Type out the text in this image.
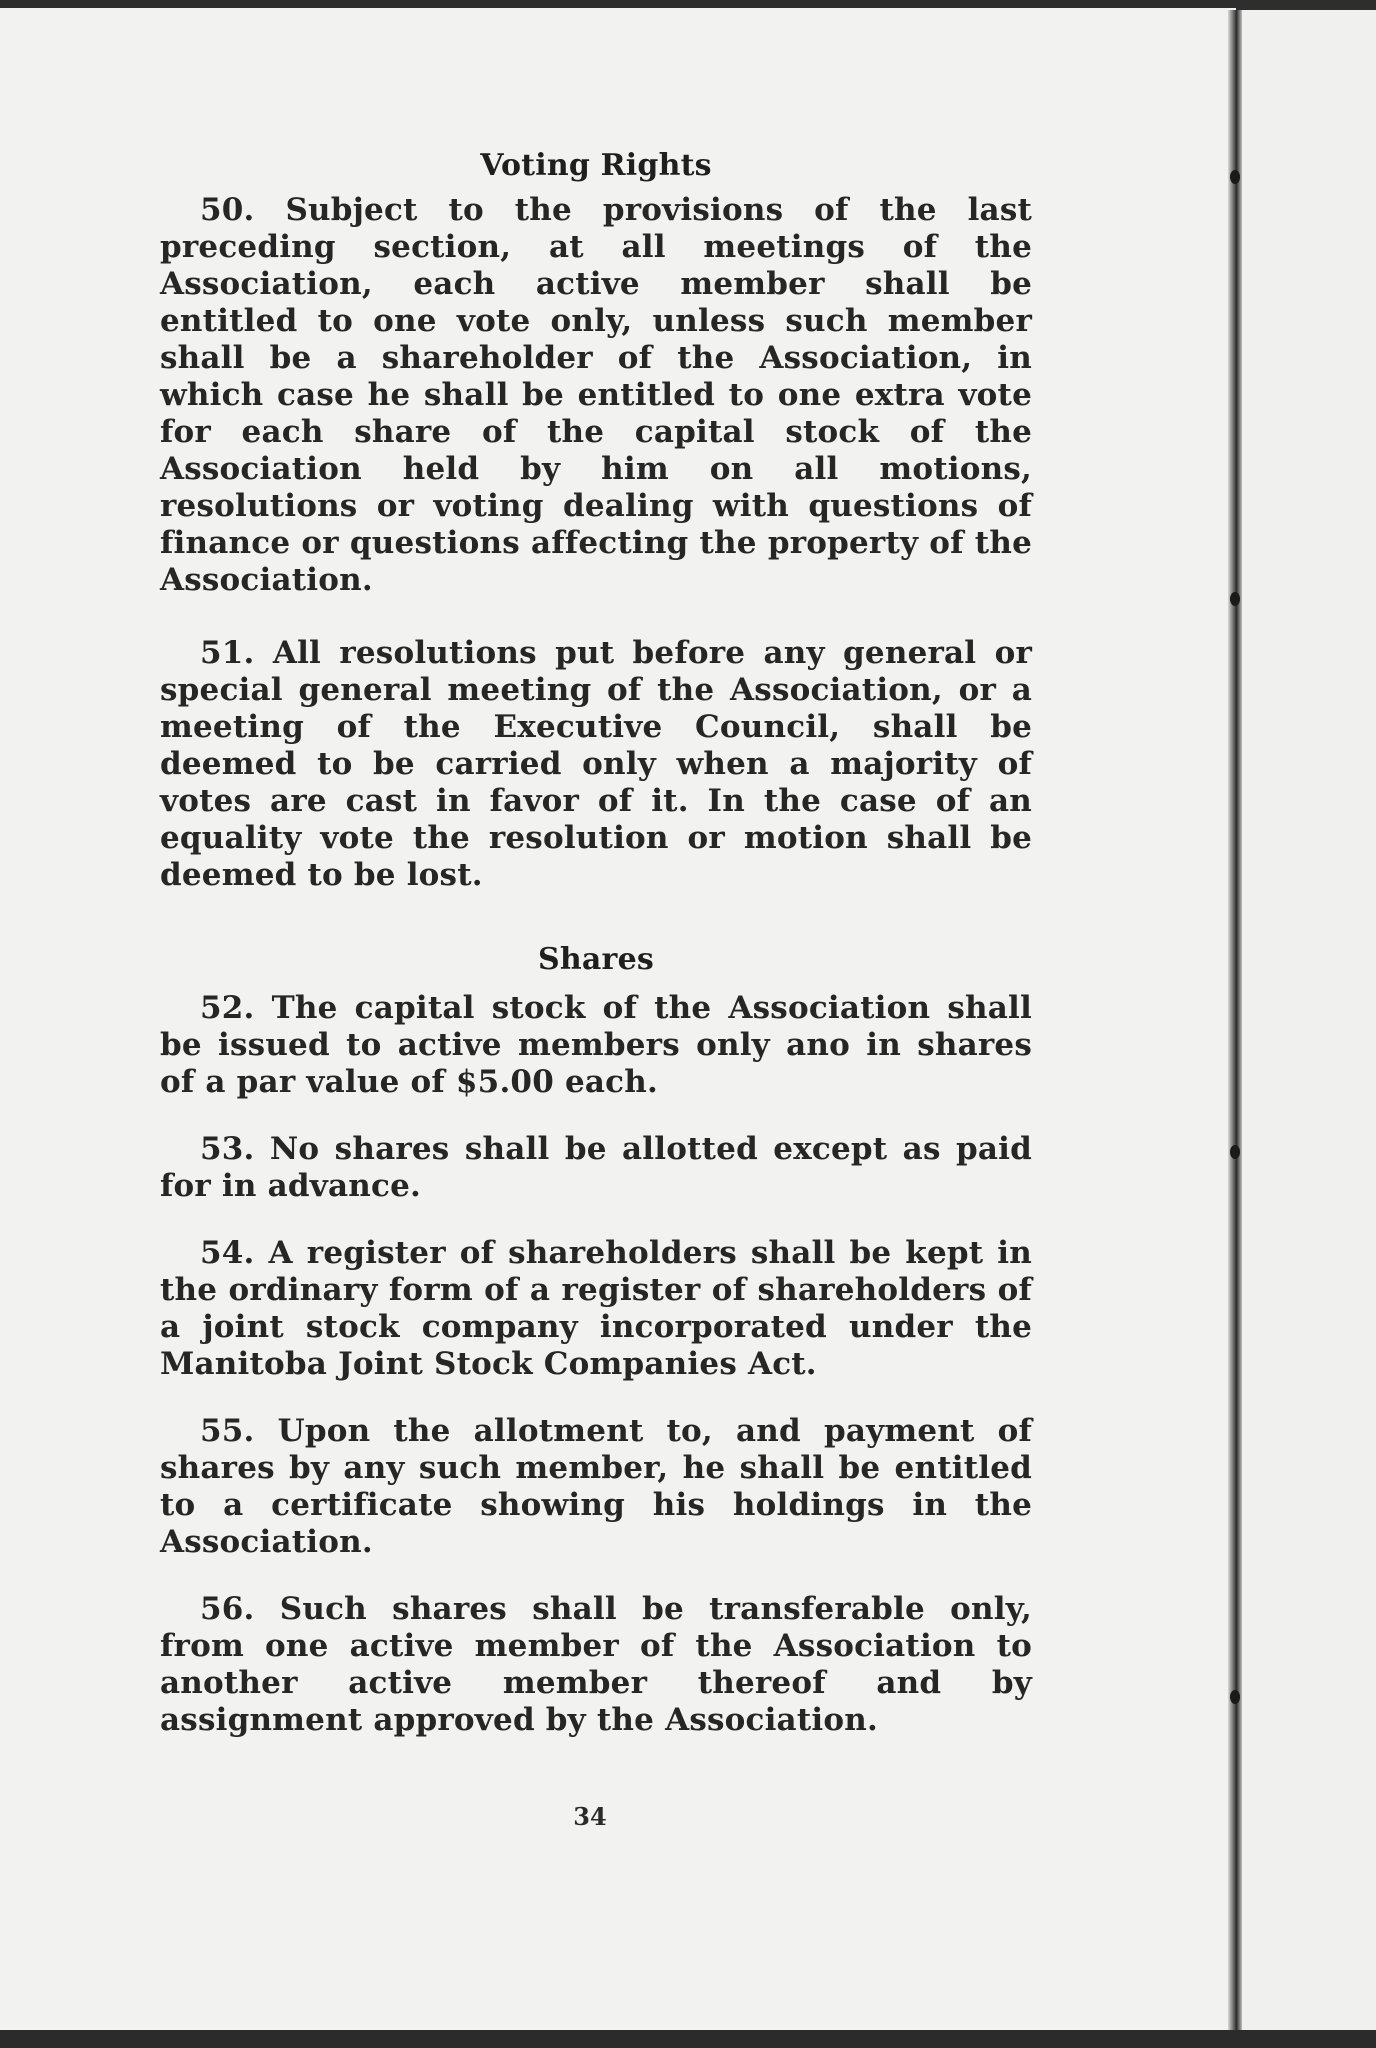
Voting Rights

50. Subject to the provisions of the last preceding section, at all meetings of the Association, each active member shall be entitled to one vote only, unless such member shall be a shareholder of the Association, in which case he shall be entitled to one extra vote for each share of the capital stock of the Association held by him on all motions, resolutions or voting dealing with questions of finance or questions affecting the property of the Association.

51. All resolutions put before any general or special general meeting of the Association, or a meeting of the Executive Council, shall be deemed to be carried only when a majority of votes are cast in favor of it. In the case of an equality vote the resolution or motion shall be deemed to be lost.

Shares

52. The capital stock of the Association shall be issued to active members only ano in shares of a par value of $5.00 each.

53. No shares shall be allotted except as paid for in advance.

54. A register of shareholders shall be kept in the ordinary form of a register of shareholders of a joint stock company incorporated under the Manitoba Joint Stock Companies Act.

55. Upon the allotment to, and payment of shares by any such member, he shall be entitled to a certificate showing his holdings in the Association.

56. Such shares shall be transferable only, from one active member of the Association to another active member thereof and by assignment approved by the Association.

34
